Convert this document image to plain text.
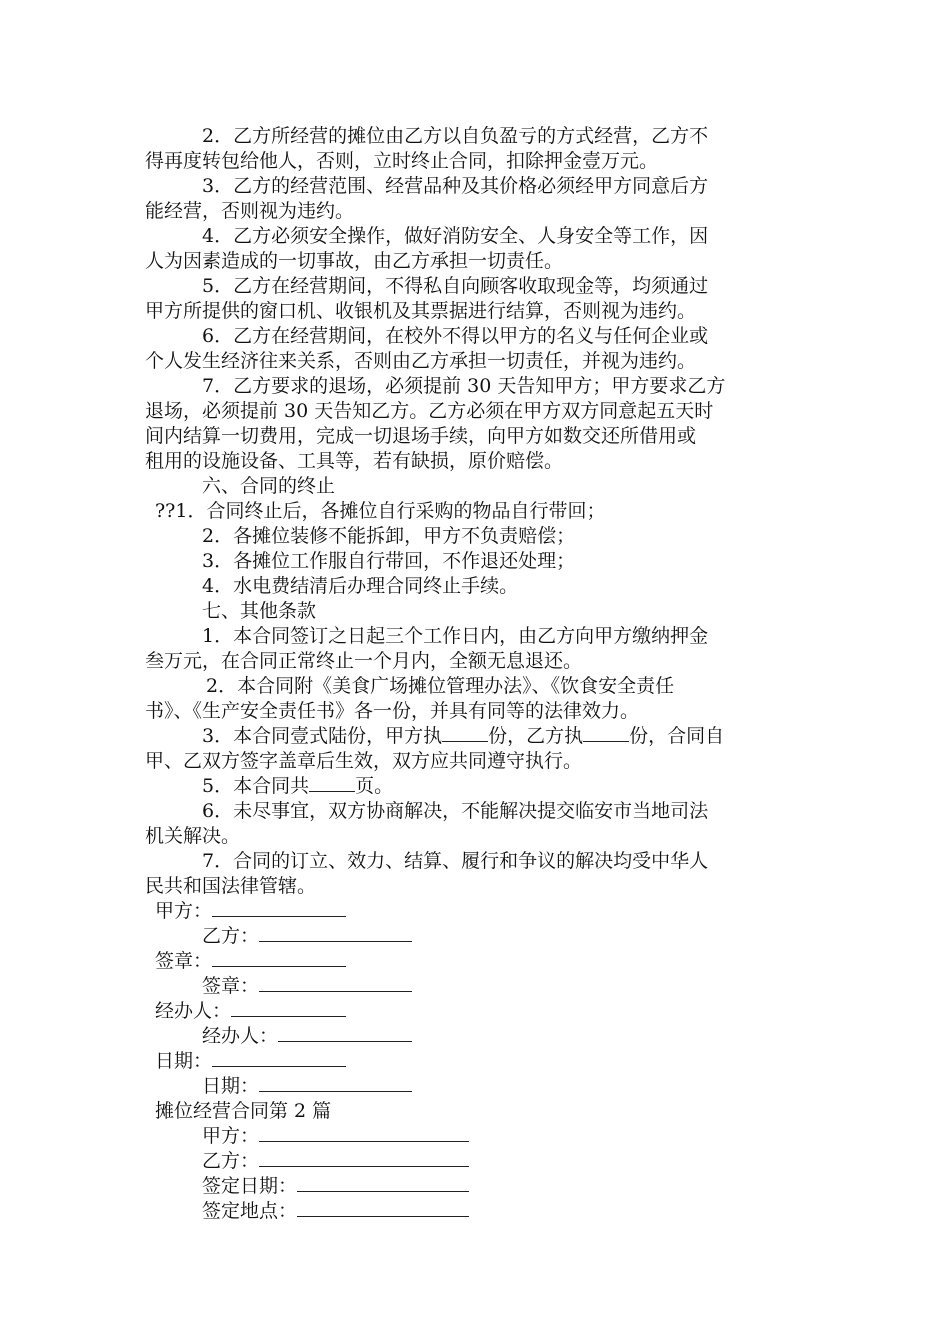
2．乙方所经营的摊位由乙方以自负盈亏的方式经营，乙方不
得再度转包给他人，否则，立时终止合同，扣除押金壹万元。
3．乙方的经营范围、经营品种及其价格必须经甲方同意后方
能经营，否则视为违约。
4．乙方必须安全操作，做好消防安全、人身安全等工作，因
人为因素造成的一切事故，由乙方承担一切责任。
5．乙方在经营期间，不得私自向顾客收取现金等，均须通过
甲方所提供的窗口机、收银机及其票据进行结算，否则视为违约。
6．乙方在经营期间，在校外不得以甲方的名义与任何企业或
个人发生经济往来关系，否则由乙方承担一切责任，并视为违约。
7．乙方要求的退场，必须提前 30 天告知甲方；甲方要求乙方
退场，必须提前 30 天告知乙方。乙方必须在甲方双方同意起五天时
间内结算一切费用，完成一切退场手续，向甲方如数交还所借用或
租用的设施设备、工具等，若有缺损，原价赔偿。
六、合同的终止
??1．合同终止后，各摊位自行采购的物品自行带回；
2．各摊位装修不能拆卸，甲方不负责赔偿；
3．各摊位工作服自行带回，不作退还处理；
4．水电费结清后办理合同终止手续。
七、其他条款
1．本合同签订之日起三个工作日内，由乙方向甲方缴纳押金
叁万元，在合同正常终止一个月内，全额无息退还。
2．本合同附《美食广场摊位管理办法》、《饮食安全责任
书》、《生产安全责任书》各一份，并具有同等的法律效力。
3．本合同壹式陆份，甲方执 份，乙方执 份，合同自
甲、乙双方签字盖章后生效，双方应共同遵守执行。
5．本合同共 页。
6．未尽事宜，双方协商解决，不能解决提交临安市当地司法
机关解决。
7．合同的订立、效力、结算、履行和争议的解决均受中华人
民共和国法律管辖。
甲方：
乙方：
签章：
签章：
经办人：
经办人：
日期：
日期：
摊位经营合同第 2 篇
甲方：
乙方：
签定日期：
签定地点：
